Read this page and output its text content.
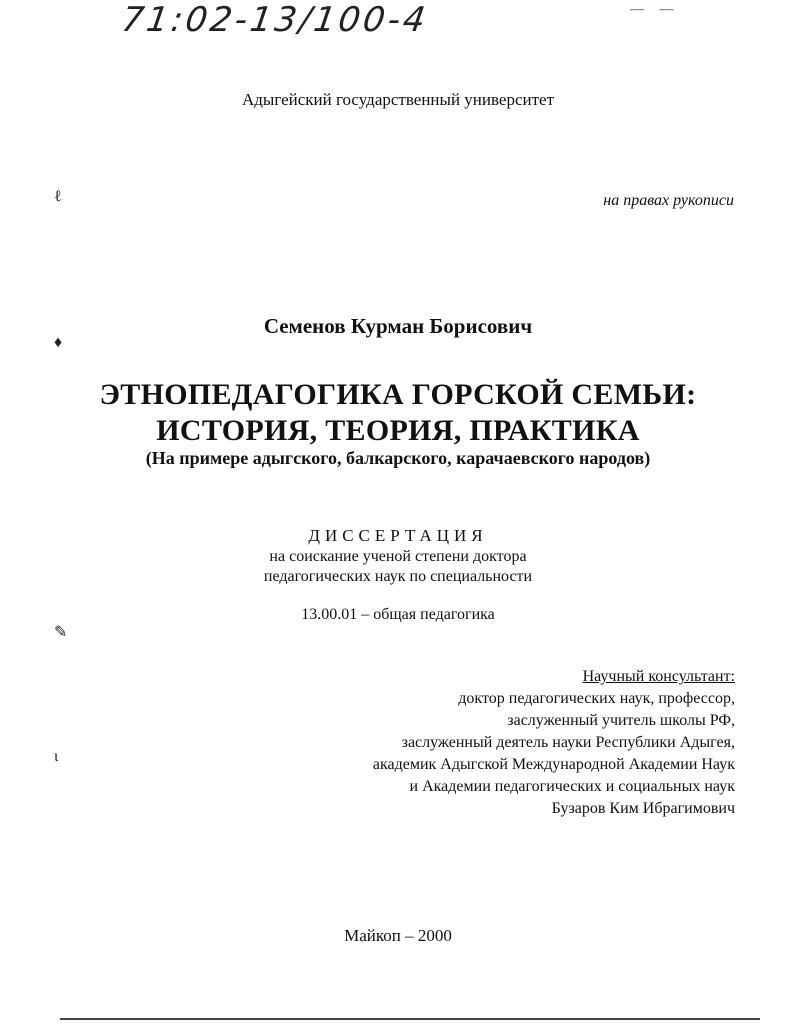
71:02-13/100-4	— —
Адыгейский государственный университет
ℓ	на правах рукописи
♦
Семенов Курман Борисович
ЭТНОПЕДАГОГИКА ГОРСКОЙ СЕМЬИ:
ИСТОРИЯ, ТЕОРИЯ, ПРАКТИКА
(На примере адыгского, балкарского, карачаевского народов)
ДИССЕРТАЦИЯ
на соискание ученой степени доктора
педагогических наук по специальности
13.00.01 – общая педагогика
✎
Научный консультант:
доктор педагогических наук, профессор,
заслуженный учитель школы РФ,
заслуженный деятель науки Республики Адыгея,
академик Адыгской Международной Академии Наук
и Академии педагогических и социальных наук
Бузаров Ким Ибрагимович
ι
Майкоп – 2000
